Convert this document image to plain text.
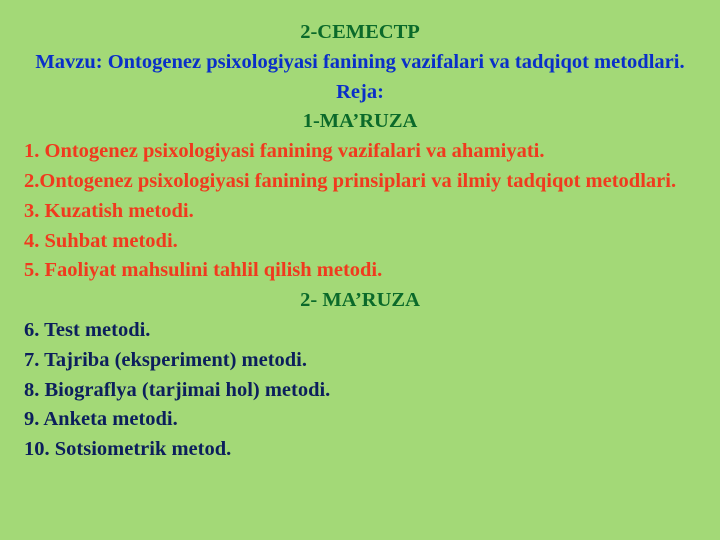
2-СЕМЕСТР

Mavzu: Ontogenez psixologiyasi fanining vazifalari va tadqiqot metodlari.

Reja:

1-MA’RUZA

1. Ontogenez psixologiyasi fanining vazifalari va ahamiyati.

2.Ontogenez psixologiyasi fanining prinsiplari va ilmiy tadqiqot metodlari.

3. Kuzatish metodi.

4. Suhbat metodi.

5. Faoliyat mahsulini tahlil qilish metodi.

2- MA’RUZA

6. Test metodi.

7. Tajriba (eksperiment) metodi.

8. Biograflya (tarjimai hol) metodi.

9. Anketa metodi.

10. Sotsiometrik metod.
